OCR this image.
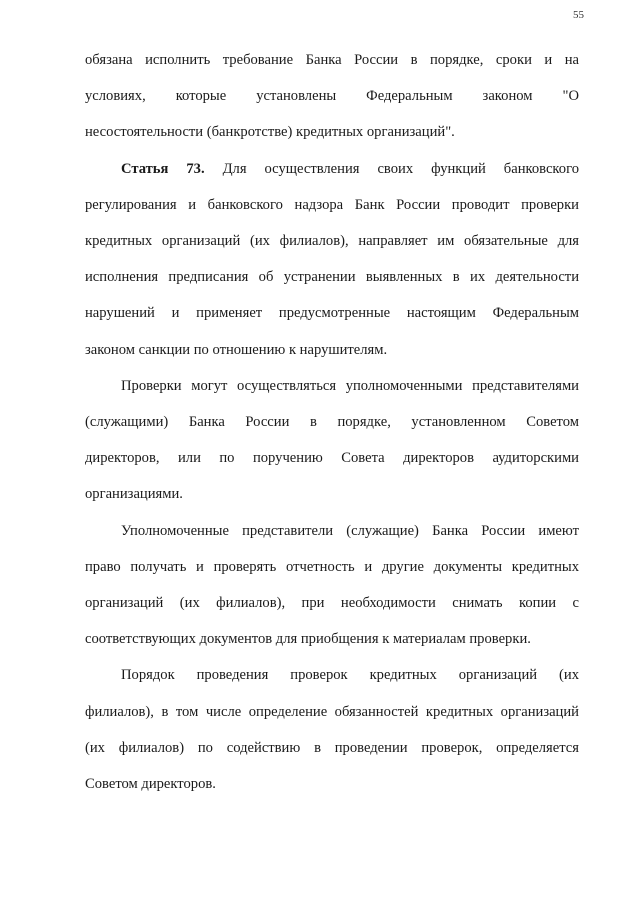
55

обязана исполнить требование Банка России в порядке, сроки и на

условиях, которые установлены Федеральным законом "О

несостоятельности (банкротстве) кредитных организаций".

Статья 73. Для осуществления своих функций банковского

регулирования и банковского надзора Банк России проводит проверки

кредитных организаций (их филиалов), направляет им обязательные для

исполнения предписания об устранении выявленных в их деятельности

нарушений и применяет предусмотренные настоящим Федеральным

законом санкции по отношению к нарушителям.

Проверки могут осуществляться уполномоченными представителями

(служащими) Банка России в порядке, установленном Советом

директоров, или по поручению Совета директоров аудиторскими

организациями.

Уполномоченные представители (служащие) Банка России имеют

право получать и проверять отчетность и другие документы кредитных

организаций (их филиалов), при необходимости снимать копии с

соответствующих документов для приобщения к материалам проверки.

Порядок проведения проверок кредитных организаций (их

филиалов), в том числе определение обязанностей кредитных организаций

(их филиалов) по содействию в проведении проверок, определяется

Советом директоров.
